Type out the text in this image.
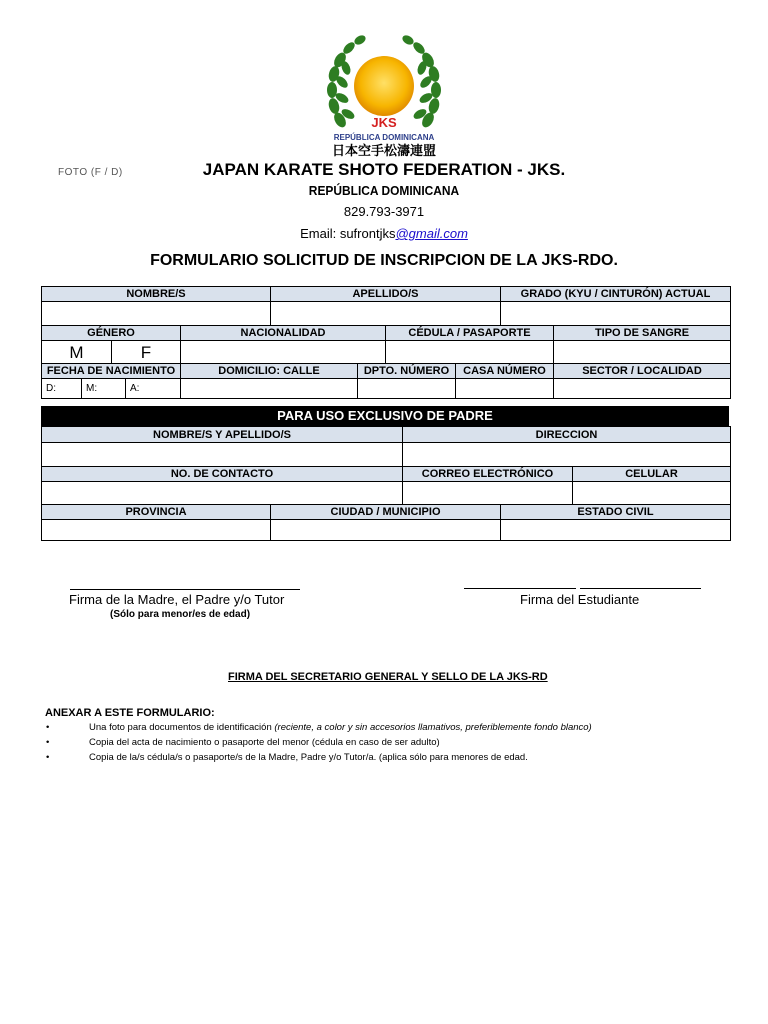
JKS
REPÚBLICA DOMINICANA
日本空手松濤連盟
FOTO (F / D)	JAPAN KARATE SHOTO FEDERATION - JKS.
REPÚBLICA DOMINICANA
829.793-3971
Email: sufrontjks@gmail.com
FORMULARIO SOLICITUD DE INSCRIPCION DE LA JKS-RDO.
NOMBRE/S	APELLIDO/S	GRADO (KYU / CINTURÓN) ACTUAL

GÉNERO		NACIONALIDAD	CÉDULA / PASAPORTE	TIPO DE SANGRE
M	F			
FECHA DE NACIMIENTO			DOMICILIO: CALLE	DPTO. NÚMERO	CASA NÚMERO	SECTOR / LOCALIDAD
D:	M:	A:				
PARA USO EXCLUSIVO DE PADRE
NOMBRE/S Y APELLIDO/S	DIRECCION

NO. DE CONTACTO	CORREO ELECTRÓNICO	CELULAR

PROVINCIA	CIUDAD / MUNICIPIO	ESTADO CIVIL

Firma de la Madre, el Padre y/o Tutor
(Sólo para menor/es de edad)
Firma del Estudiante
FIRMA DEL SECRETARIO GENERAL Y SELLO DE LA JKS-RD
ANEXAR A ESTE FORMULARIO:
•	Una foto para documentos de identificación (reciente, a color y sin accesorios llamativos, preferiblemente fondo blanco)
•	Copia del acta de nacimiento o pasaporte del menor (cédula en caso de ser adulto)
•	Copia de la/s cédula/s o pasaporte/s de la Madre, Padre y/o Tutor/a. (aplica sólo para menores de edad.
